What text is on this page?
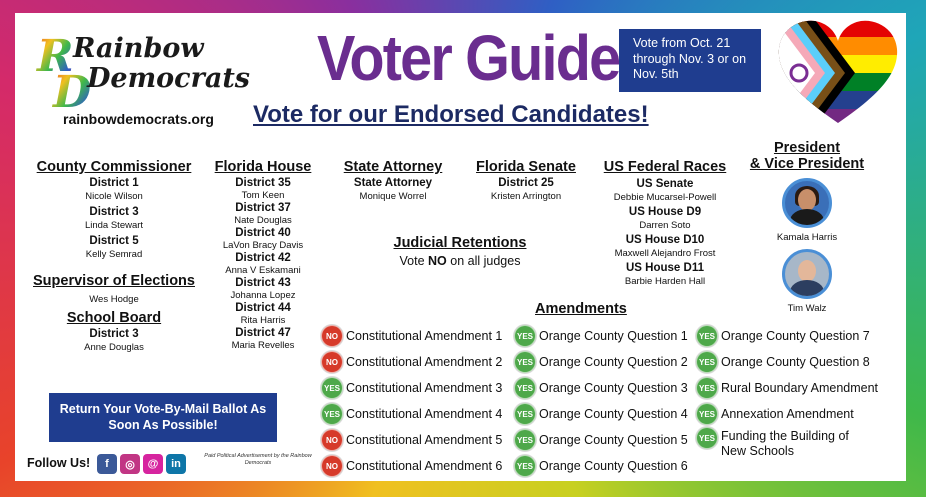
R
D
Rainbow
Democrats
rainbowdemocrats.org
Voter Guide
Vote for our Endorsed Candidates!
Vote from Oct. 21 through Nov. 3 or on Nov. 5th
County Commissioner
District 1
Nicole Wilson
District 3
Linda Stewart
District 5
Kelly Semrad
Supervisor of Elections
Wes Hodge
School Board
District 3
Anne Douglas
Florida House
District 35
Tom Keen
District 37
Nate Douglas
District 40
LaVon Bracy Davis
District 42
Anna V Eskamani
District 43
Johanna Lopez
District 44
Rita Harris
District 47
Maria Revelles
State Attorney
State Attorney
Monique Worrel
Florida Senate
District 25
Kristen Arrington
Judicial Retentions
Vote NO on all judges
US Federal Races
US Senate
Debbie Mucarsel-Powell
US House D9
Darren Soto
US House D10
Maxwell Alejandro Frost
US House D11
Barbie Harden Hall
President
& Vice President
Kamala Harris
Tim Walz
Amendments
NO Constitutional Amendment 1
NO Constitutional Amendment 2
YES Constitutional Amendment 3
YES Constitutional Amendment 4
NO Constitutional Amendment 5
NO Constitutional Amendment 6
YES Orange County Question 1
YES Orange County Question 2
YES Orange County Question 3
YES Orange County Question 4
YES Orange County Question 5
YES Orange County Question 6
YES Orange County Question 7
YES Orange County Question 8
YES Rural Boundary Amendment
YES Annexation Amendment
YES Funding the Building of New Schools
Return Your Vote-By-Mail Ballot As Soon As Possible!
Follow Us!	f	◎	@	in
Paid Political Advertisement by the Rainbow Democrats
